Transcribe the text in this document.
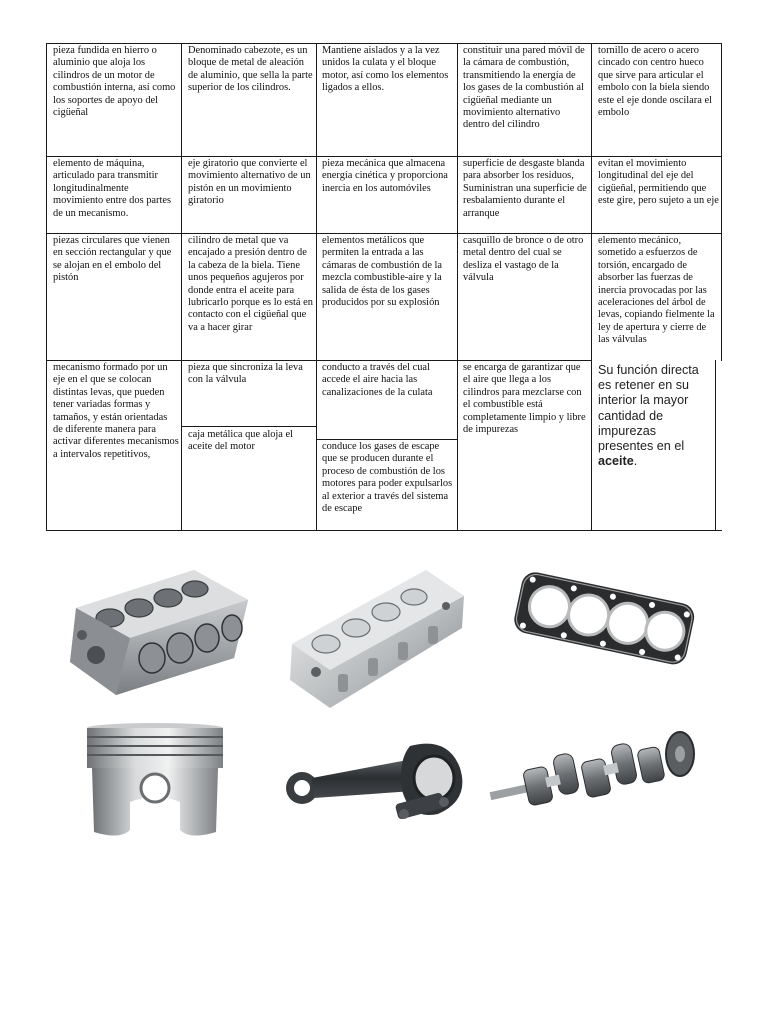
pieza fundida en hierro o aluminio que aloja los cilindros de un motor de combustión interna, así como los soportes de apoyo del cigüeñal

Denominado cabezote, es un bloque de metal de aleación de aluminio, que sella la parte superior de los cilindros.

Mantiene aislados y a la vez unidos la culata y el bloque motor, así como los elementos ligados a ellos.

constituir una pared móvil de la cámara de combustión, transmitiendo la energía de los gases de la combustión al cigüeñal mediante un movimiento alternativo dentro del cilindro

tornillo de acero o acero cincado con centro hueco que sirve para articular el embolo con la biela siendo este el eje donde oscilara el embolo

elemento de máquina, articulado para transmitir longitudinalmente movimiento entre dos partes de un mecanismo.

eje giratorio que convierte el movimiento alternativo de un pistón en un movimiento giratorio

pieza mecánica que almacena energía cinética y proporciona inercia en los automóviles

superficie de desgaste blanda para absorber los residuos, Suministran una superficie de resbalamiento durante el arranque

evitan el movimiento longitudinal del eje del cigüeñal, permitiendo que este gire, pero sujeto a un eje

piezas circulares que vienen en sección rectangular y que se alojan en el embolo del pistón

cilindro de metal que va encajado a presión dentro de la cabeza de la biela. Tiene unos pequeños agujeros por donde entra el aceite para lubricarlo porque es lo está en contacto con el cigüeñal que va a hacer girar

elementos metálicos que permiten la entrada a las cámaras de combustión de la mezcla combustible-aire y la salida de ésta de los gases producidos por su explosión

casquillo de bronce o de otro metal dentro del cual se desliza el vastago de la válvula

elemento mecánico, sometido a esfuerzos de torsión, encargado de absorber las fuerzas de inercia provocadas por las aceleraciones del árbol de levas, copiando fielmente la ley de apertura y cierre de las válvulas

mecanismo formado por un eje en el que se colocan distintas levas, que pueden tener variadas formas y tamaños, y están orientadas de diferente manera para activar diferentes mecanismos a intervalos repetitivos,

pieza que sincroniza la leva con la válvula

caja metálica que aloja el aceite del motor

conducto a través del cual accede el aire hacia las canalizaciones de la culata

conduce los gases de escape que se producen durante el proceso de combustión de los motores para poder expulsarlos al exterior a través del sistema de escape

se encarga de garantizar que el aire que llega a los cilindros para mezclarse con el combustible está completamente limpio y libre de impurezas

Su función directa es retener en su interior la mayor cantidad de impurezas presentes en el aceite.
